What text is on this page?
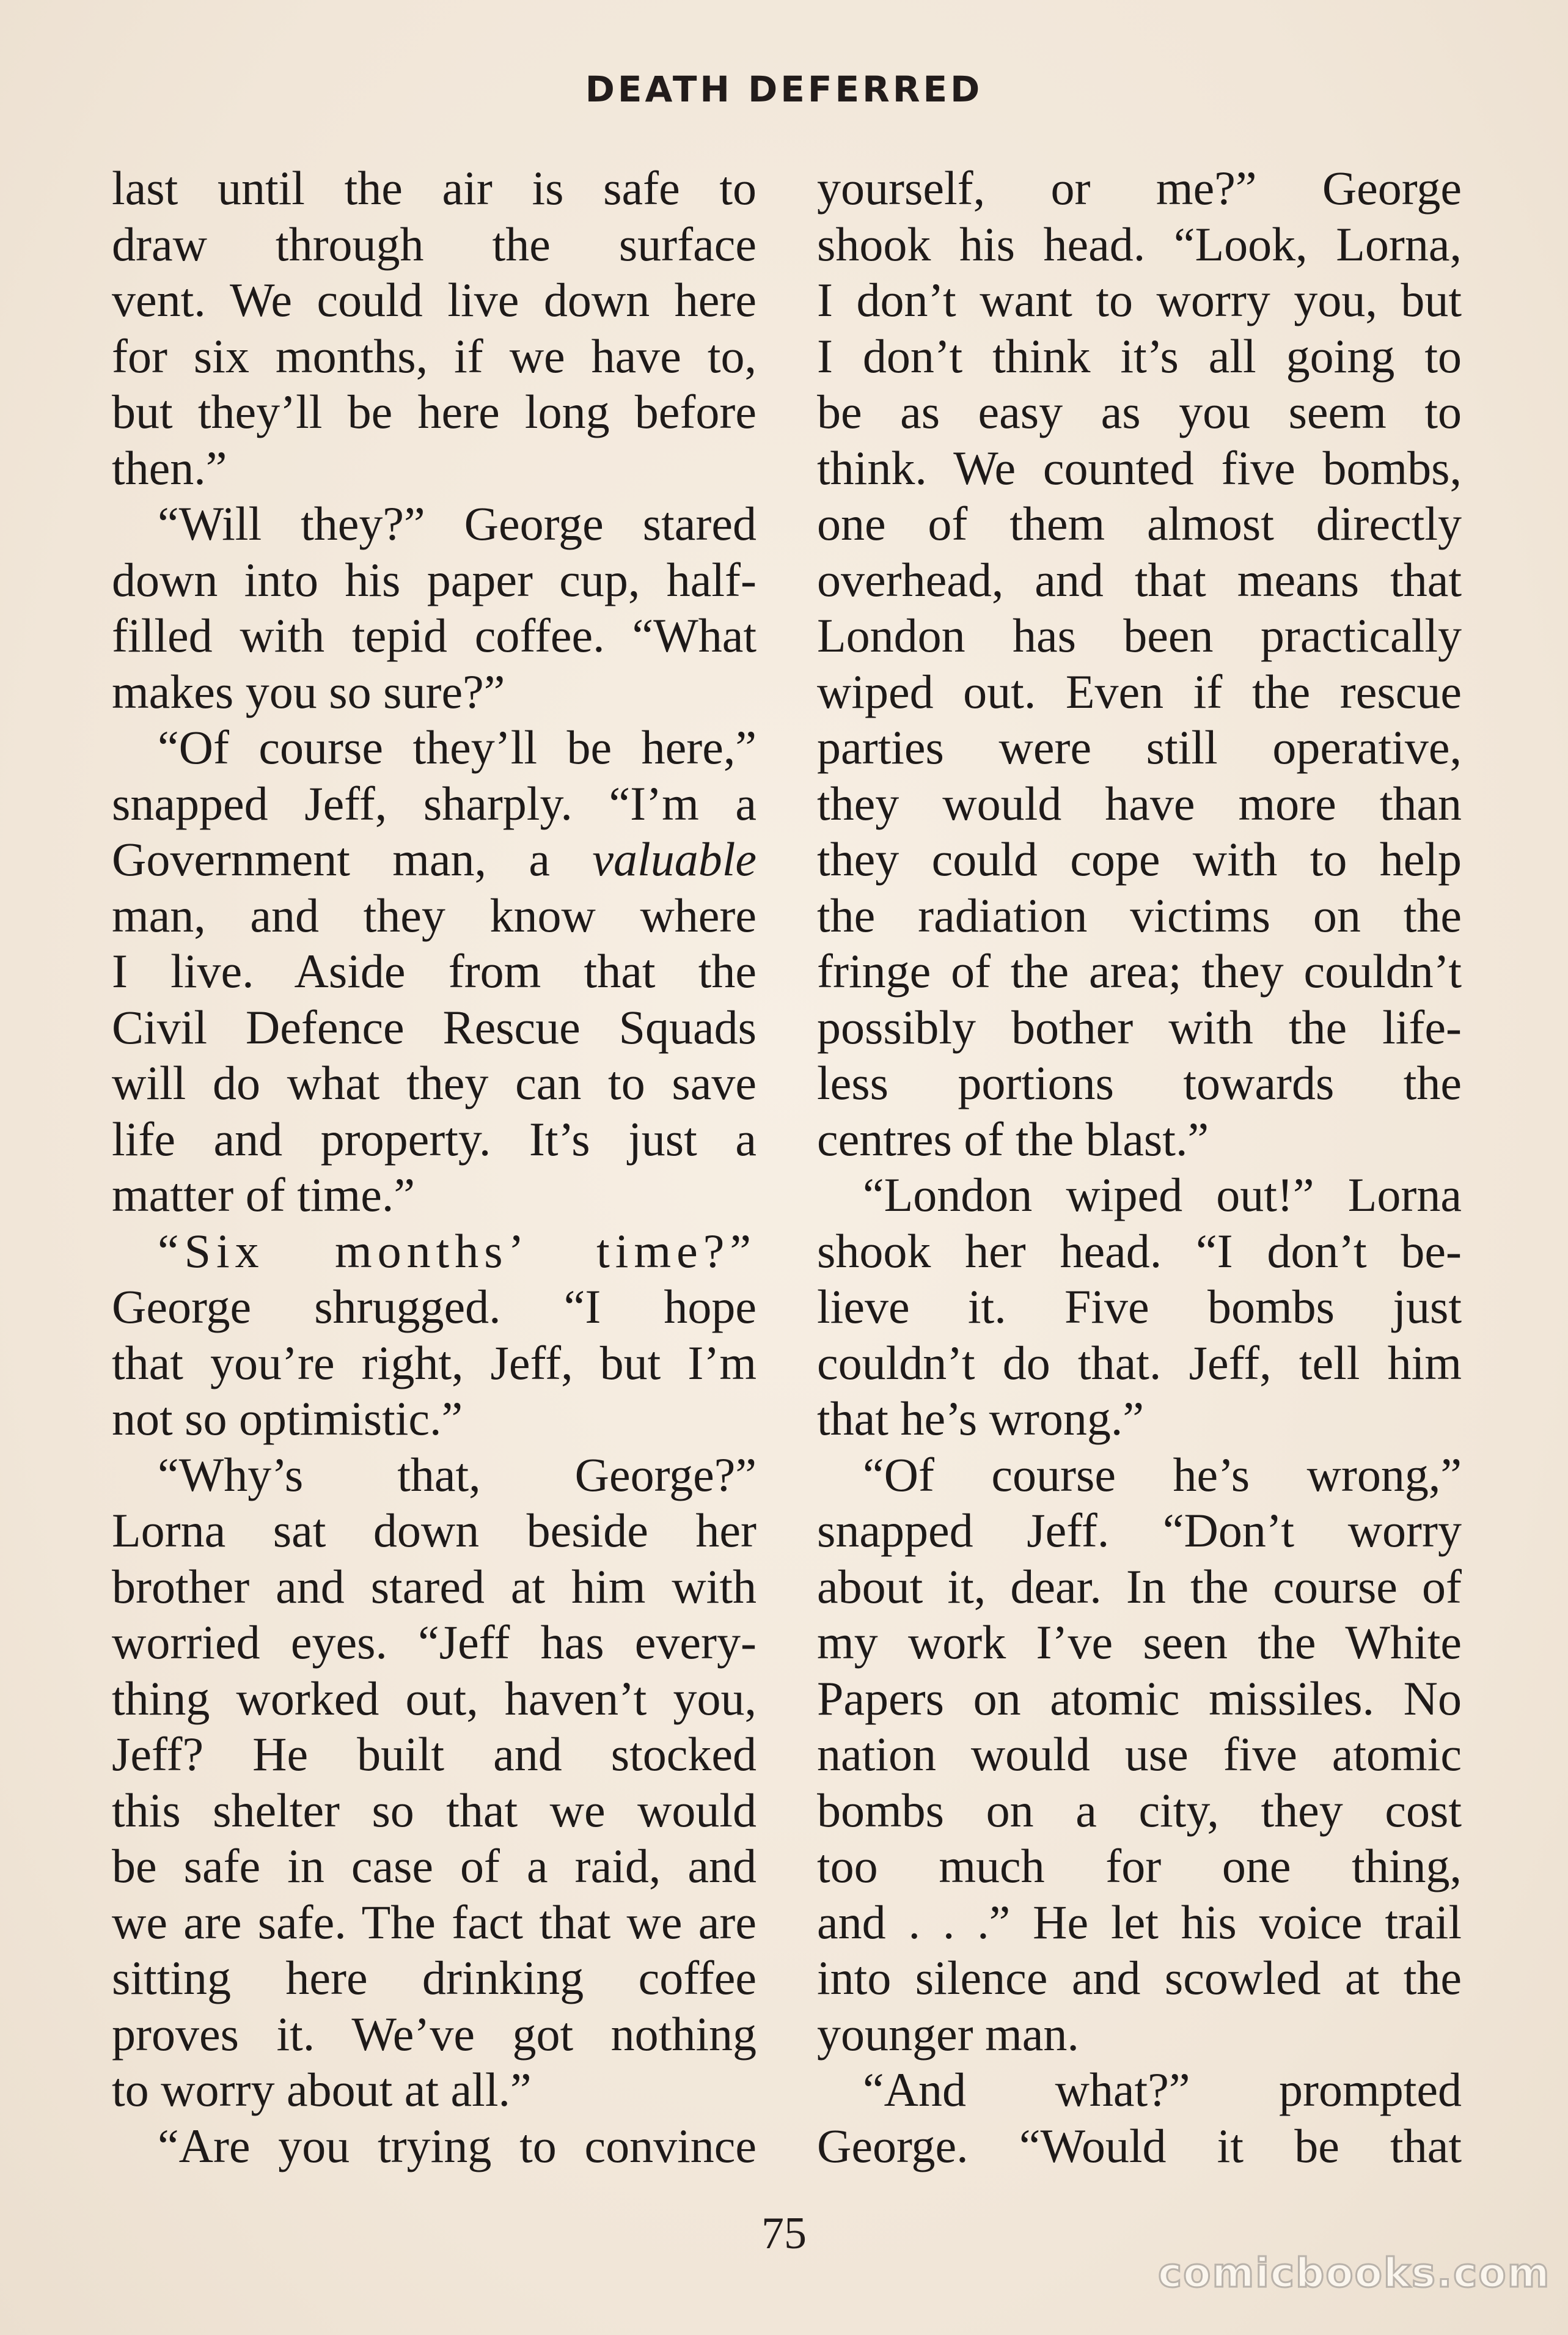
DEATH DEFERRED
last until the air is safe to
draw through the surface
vent. We could live down here
for six months, if we have to,
but they’ll be here long before
then.”
“Will they?” George stared
down into his paper cup, half-
filled with tepid coffee. “What
makes you so sure?”
“Of course they’ll be here,”
snapped Jeff, sharply. “I’m a
Government man, a valuable
man, and they know where
I live. Aside from that the
Civil Defence Rescue Squads
will do what they can to save
life and property. It’s just a
matter of time.”
“Six months’ time?”
George shrugged. “I hope
that you’re right, Jeff, but I’m
not so optimistic.”
“Why’s that, George?”
Lorna sat down beside her
brother and stared at him with
worried eyes. “Jeff has every-
thing worked out, haven’t you,
Jeff? He built and stocked
this shelter so that we would
be safe in case of a raid, and
we are safe. The fact that we are
sitting here drinking coffee
proves it. We’ve got nothing
to worry about at all.”
“Are you trying to convince
yourself, or me?” George
shook his head. “Look, Lorna,
I don’t want to worry you, but
I don’t think it’s all going to
be as easy as you seem to
think. We counted five bombs,
one of them almost directly
overhead, and that means that
London has been practically
wiped out. Even if the rescue
parties were still operative,
they would have more than
they could cope with to help
the radiation victims on the
fringe of the area; they couldn’t
possibly bother with the life-
less portions towards the
centres of the blast.”
“London wiped out!” Lorna
shook her head. “I don’t be-
lieve it. Five bombs just
couldn’t do that. Jeff, tell him
that he’s wrong.”
“Of course he’s wrong,”
snapped Jeff. “Don’t worry
about it, dear. In the course of
my work I’ve seen the White
Papers on atomic missiles. No
nation would use five atomic
bombs on a city, they cost
too much for one thing,
and . . .” He let his voice trail
into silence and scowled at the
younger man.
“And what?” prompted
George. “Would it be that
75
comicbooks.com
